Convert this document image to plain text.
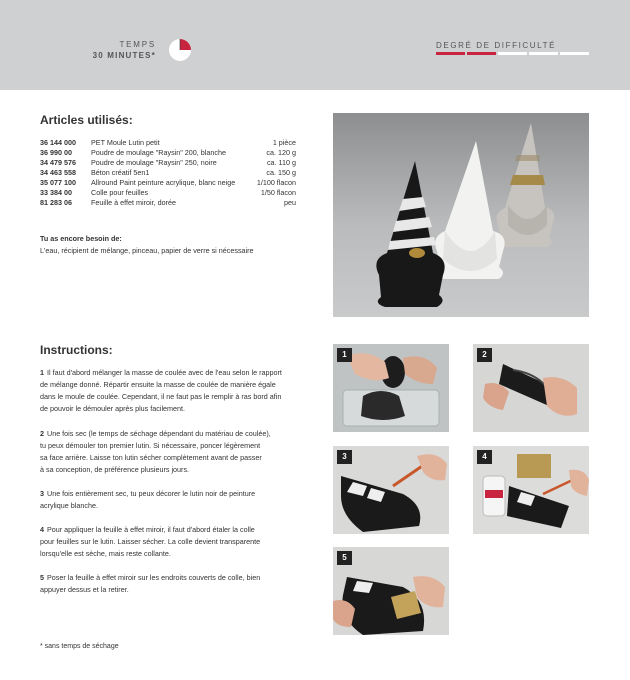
TEMPS
30 MINUTES*
DEGRÉ DE DIFFICULTÉ
Articles utilisés:
36 144 000	PET Moule Lutin petit	1 pièce
36 990 00	Poudre de moulage "Raysin" 200, blanche	ca. 120 g
34 479 576	Poudre de moulage "Raysin" 250, noire	ca. 110 g
34 463 558	Béton créatif 5en1	ca. 150 g
35 077 100	Allround Paint peinture acrylique, blanc neige	1/100 flacon
33 384 00	Colle pour feuilles	1/50 flacon
81 283 06	Feuille à effet miroir, dorée	peu
Tu as encore besoin de:
L'eau, récipient de mélange, pinceau, papier de verre si nécessaire
Instructions:

1 Il faut d'abord mélanger la masse de coulée avec de l'eau selon le rapport
de mélange donné. Répartir ensuite la masse de coulée de manière égale
dans le moule de coulée. Cependant, il ne faut pas le remplir à ras bord afin
de pouvoir le démouler après plus facilement.

2 Une fois sec (le temps de séchage dépendant du matériau de coulée),
tu peux démouler ton premier lutin. Si nécessaire, poncer légèrement
sa face arrière. Laisse ton lutin sécher complètement avant de passer
à sa conception, de préférence plusieurs jours.

3 Une fois entièrement sec, tu peux décorer le lutin noir de peinture
acrylique blanche.

4 Pour appliquer la feuille à effet miroir, il faut d'abord étaler la colle
pour feuilles sur le lutin. Laisser sécher. La colle devient transparente
lorsqu'elle est sèche, mais reste collante.

5 Poser la feuille à effet miroir sur les endroits couverts de colle, bien
appuyer dessus et la retirer.

* sans temps de séchage
1	2
3	4
5
